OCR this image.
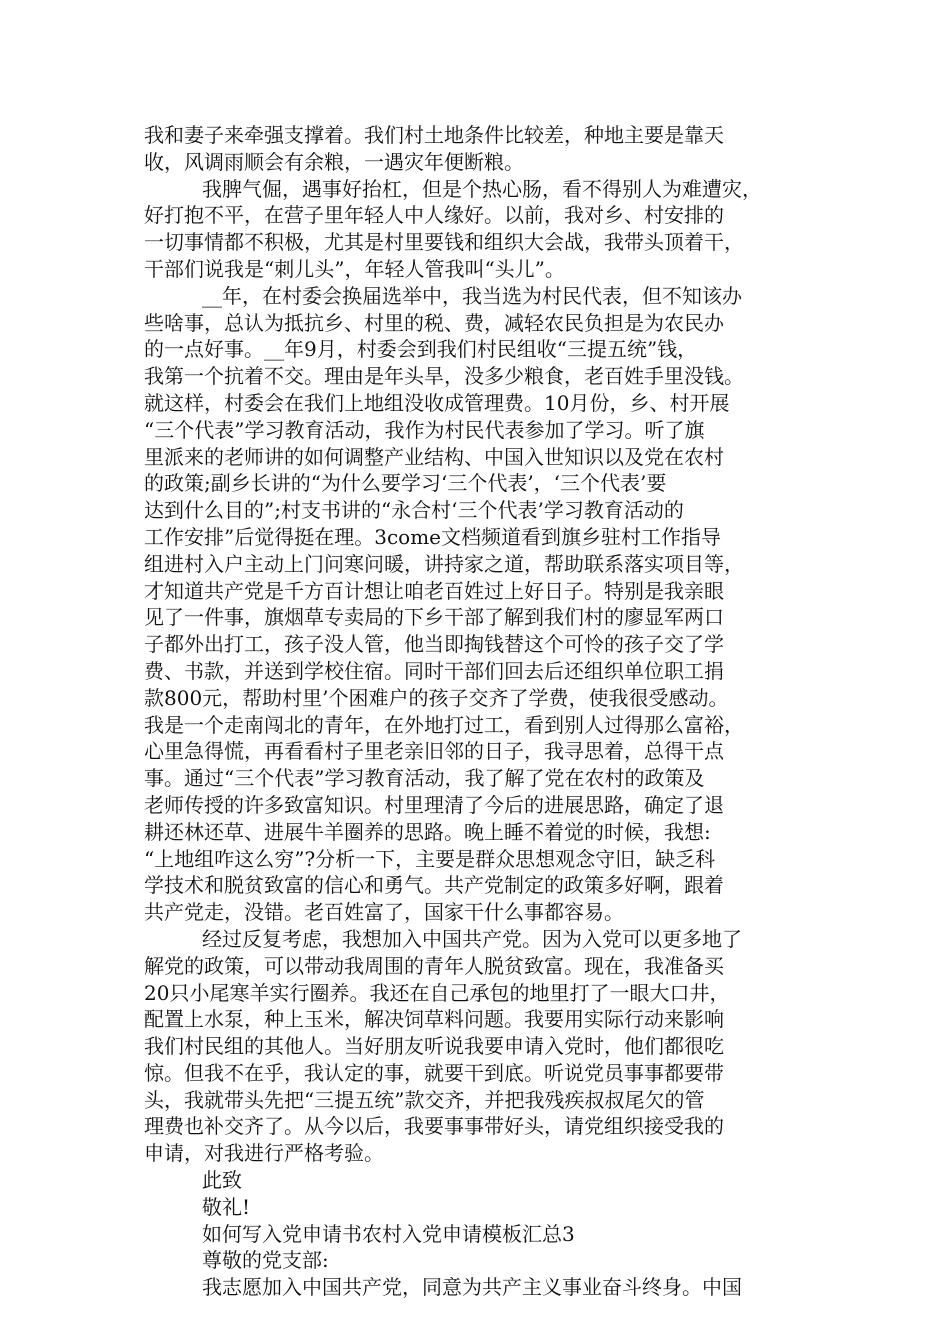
我和妻子来牵强支撑着。我们村土地条件比较差，种地主要是靠天
收，风调雨顺会有余粮，一遇灾年便断粮。
我脾气倔，遇事好抬杠，但是个热心肠，看不得别人为难遭灾，
好打抱不平，在营子里年轻人中人缘好。以前，我对乡、村安排的
一切事情都不积极，尤其是村里要钱和组织大会战，我带头顶着干，
干部们说我是“刺儿头”，年轻人管我叫“头儿”。
__年，在村委会换届选举中，我当选为村民代表，但不知该办
些啥事，总认为抵抗乡、村里的税、费，减轻农民负担是为农民办
的一点好事。__年9月，村委会到我们村民组收“三提五统”钱，
我第一个抗着不交。理由是年头旱，没多少粮食，老百姓手里没钱。
就这样，村委会在我们上地组没收成管理费。10月份，乡、村开展
“三个代表”学习教育活动，我作为村民代表参加了学习。听了旗
里派来的老师讲的如何调整产业结构、中国入世知识以及党在农村
的政策;副乡长讲的“为什么要学习‘三个代表’，‘三个代表’要
达到什么目的”;村支书讲的“永合村‘三个代表’学习教育活动的
工作安排”后觉得挺在理。3come文档频道看到旗乡驻村工作指导
组进村入户主动上门问寒问暖，讲持家之道，帮助联系落实项目等，
才知道共产党是千方百计想让咱老百姓过上好日子。特别是我亲眼
见了一件事，旗烟草专卖局的下乡干部了解到我们村的廖显军两口
子都外出打工，孩子没人管，他当即掏钱替这个可怜的孩子交了学
费、书款，并送到学校住宿。同时干部们回去后还组织单位职工捐
款800元，帮助村里’个困难户的孩子交齐了学费，使我很受感动。
我是一个走南闯北的青年，在外地打过工，看到别人过得那么富裕，
心里急得慌，再看看村子里老亲旧邻的日子，我寻思着，总得干点
事。通过“三个代表”学习教育活动，我了解了党在农村的政策及
老师传授的许多致富知识。村里理清了今后的进展思路，确定了退
耕还林还草、进展牛羊圈养的思路。晚上睡不着觉的时候，我想:
“上地组咋这么穷”?分析一下，主要是群众思想观念守旧，缺乏科
学技术和脱贫致富的信心和勇气。共产党制定的政策多好啊，跟着
共产党走，没错。老百姓富了，国家干什么事都容易。
经过反复考虑，我想加入中国共产党。因为入党可以更多地了
解党的政策，可以带动我周围的青年人脱贫致富。现在，我准备买
20只小尾寒羊实行圈养。我还在自己承包的地里打了一眼大口井，
配置上水泵，种上玉米，解决饲草料问题。我要用实际行动来影响
我们村民组的其他人。当好朋友听说我要申请入党时，他们都很吃
惊。但我不在乎，我认定的事，就要干到底。听说党员事事都要带
头，我就带头先把“三提五统”款交齐，并把我残疾叔叔尾欠的管
理费也补交齐了。从今以后，我要事事带好头，请党组织接受我的
申请，对我进行严格考验。
此致
敬礼!
如何写入党申请书农村入党申请模板汇总3
尊敬的党支部:
我志愿加入中国共产党，同意为共产主义事业奋斗终身。中国
